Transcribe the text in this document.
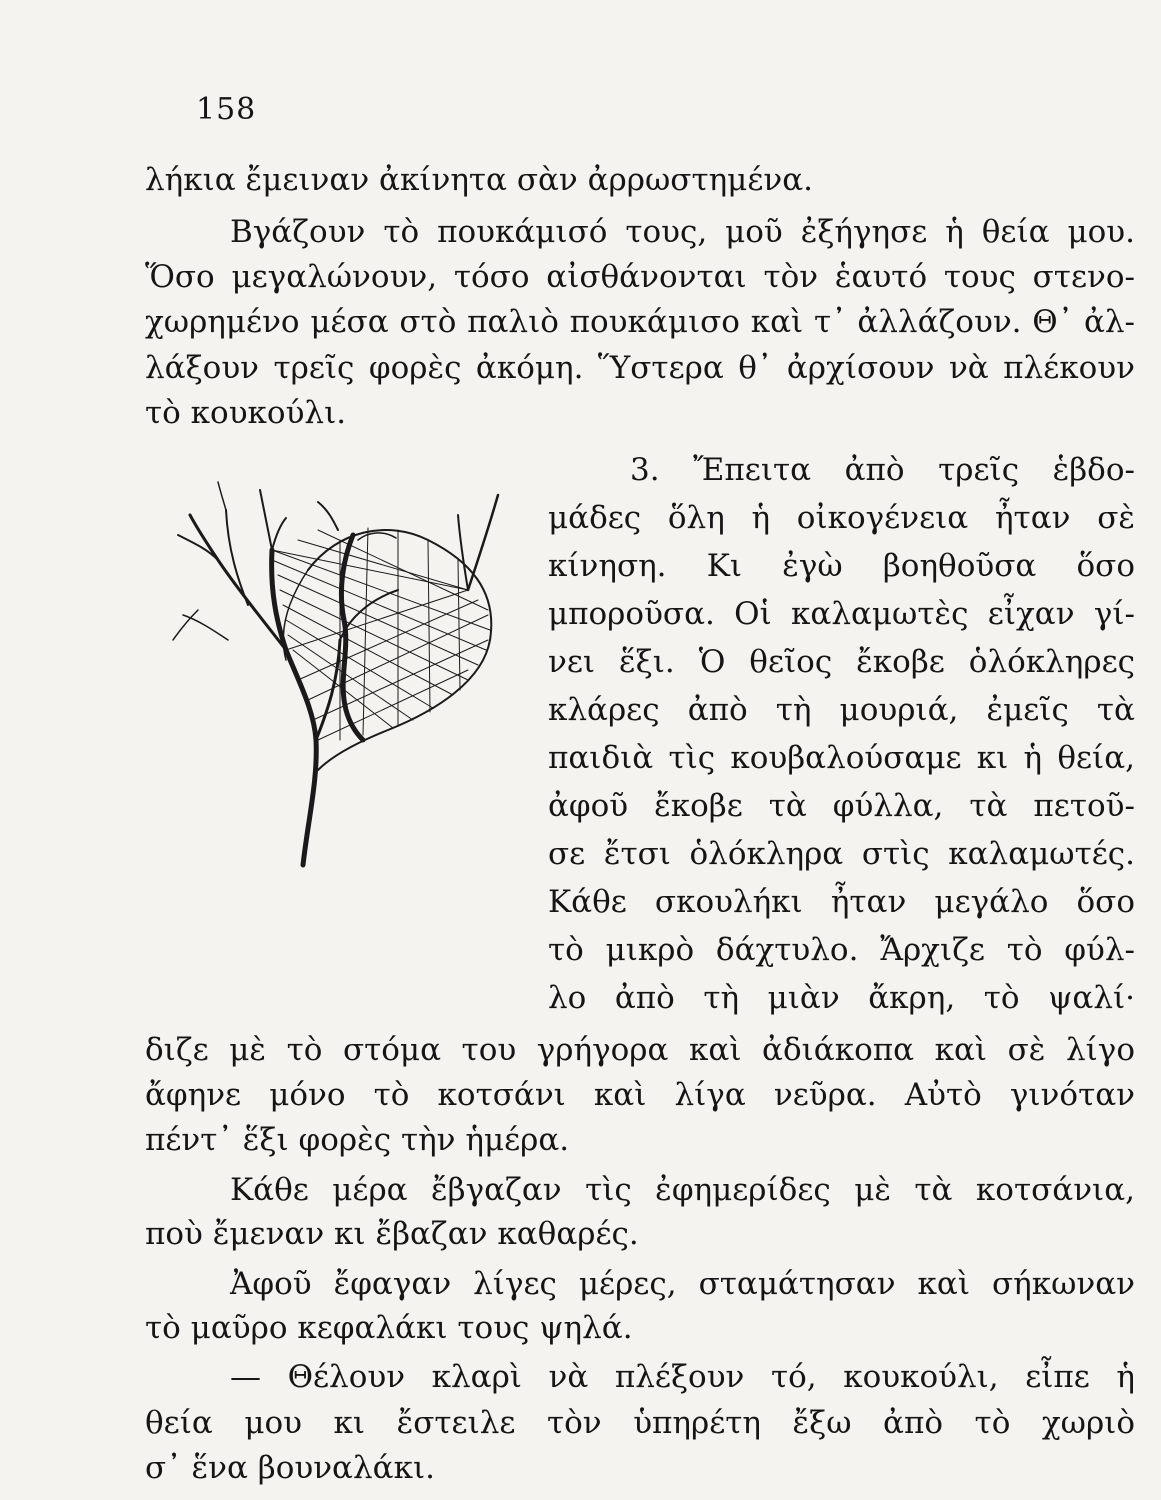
158
λήκια ἔμειναν ἀκίνητα σὰν ἀρρωστημένα.
Βγάζουν τὸ πουκάμισό τους, μοῦ ἐξήγησε ἡ θεία μου.
Ὅσο μεγαλώνουν, τόσο αἰσθάνονται τὸν ἑαυτό τους στενο-
χωρημένο μέσα στὸ παλιὸ πουκάμισο καὶ τ᾽ ἀλλάζουν. Θ᾽ ἀλ-
λάξουν τρεῖς φορὲς ἀκόμη. Ὕστερα θ᾽ ἀρχίσουν νὰ πλέκουν
τὸ κουκούλι.
3. Ἔπειτα ἀπὸ τρεῖς ἑβδο-
μάδες ὅλη ἡ οἰκογένεια ἦταν σὲ
κίνηση. Κι ἐγὼ βοηθοῦσα ὅσο
μποροῦσα. Οἱ καλαμωτὲς εἶχαν γί-
νει ἕξι. Ὁ θεῖος ἔκοβε ὁλόκληρες
κλάρες ἀπὸ τὴ μουριά, ἐμεῖς τὰ
παιδιὰ τὶς κουβαλούσαμε κι ἡ θεία,
ἀφοῦ ἔκοβε τὰ φύλλα, τὰ πετοῦ-
σε ἔτσι ὁλόκληρα στὶς καλαμωτές.
Κάθε σκουλήκι ἦταν μεγάλο ὅσο
τὸ μικρὸ δάχτυλο. Ἄρχιζε τὸ φύλ-
λο ἀπὸ τὴ μιὰν ἄκρη, τὸ ψαλί·
διζε μὲ τὸ στόμα του γρήγορα καὶ ἀδιάκοπα καὶ σὲ λίγο
ἄφηνε μόνο τὸ κοτσάνι καὶ λίγα νεῦρα. Αὐτὸ γινόταν
πέντ᾽ ἕξι φορὲς τὴν ἡμέρα.
Κάθε μέρα ἔβγαζαν τὶς ἐφημερίδες μὲ τὰ κοτσάνια,
ποὺ ἔμεναν κι ἔβαζαν καθαρές.
Ἀφοῦ ἔφαγαν λίγες μέρες, σταμάτησαν καὶ σήκωναν
τὸ μαῦρο κεφαλάκι τους ψηλά.
— Θέλουν κλαρὶ νὰ πλέξουν τό, κουκούλι, εἶπε ἡ
θεία μου κι ἔστειλε τὸν ὑπηρέτη ἔξω ἀπὸ τὸ χωριὸ
σ᾽ ἕνα βουναλάκι.
